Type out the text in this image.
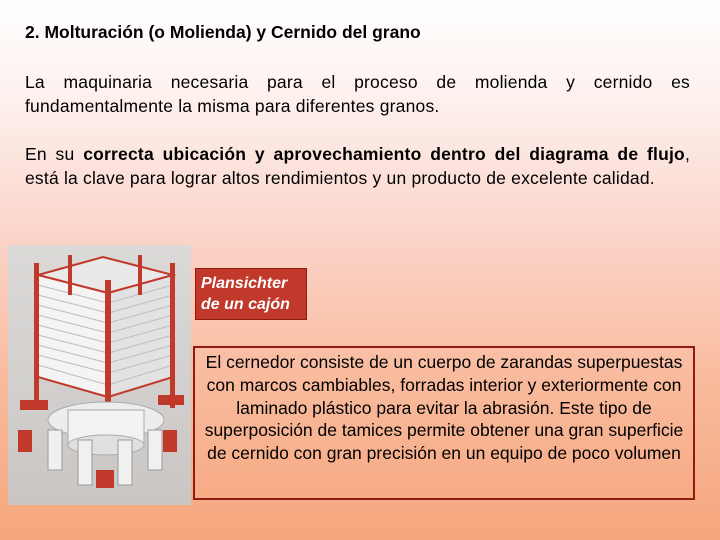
2. Molturación (o Molienda) y Cernido del grano
La maquinaria necesaria para el proceso de molienda y cernido es fundamentalmente la misma para diferentes granos.
En su correcta ubicación y aprovechamiento dentro del diagrama de flujo, está la clave para lograr altos rendimientos y un producto de excelente calidad.
Plansichter
de un cajón
El cernedor consiste de un cuerpo de zarandas superpuestas con marcos cambiables, forradas interior y exteriormente con laminado plástico para evitar la abrasión. Este tipo de superposición de tamices permite obtener una gran superficie de cernido con gran precisión en un equipo de poco volumen
